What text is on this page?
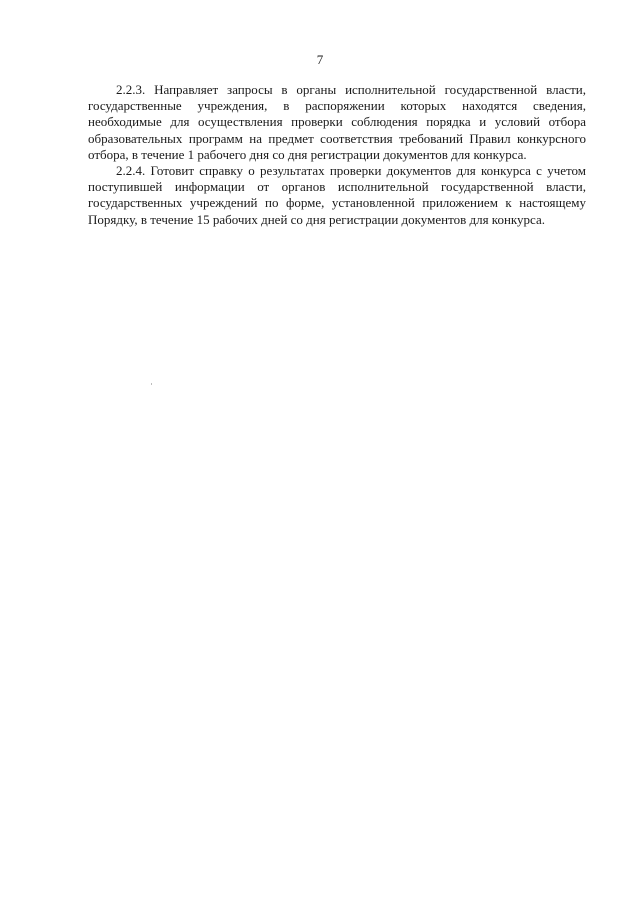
7
2.2.3. Направляет запросы в органы исполнительной государственной власти,
государственные учреждения, в распоряжении которых находятся сведения,
необходимые для осуществления проверки соблюдения порядка и условий отбора
образовательных программ на предмет соответствия требований Правил конкурсного
отбора, в течение 1 рабочего дня со дня регистрации документов для конкурса.
2.2.4. Готовит справку о результатах проверки документов для конкурса с учетом
поступившей информации от органов исполнительной государственной власти,
государственных учреждений по форме, установленной приложением к настоящему
Порядку, в течение 15 рабочих дней со дня регистрации документов для конкурса.
